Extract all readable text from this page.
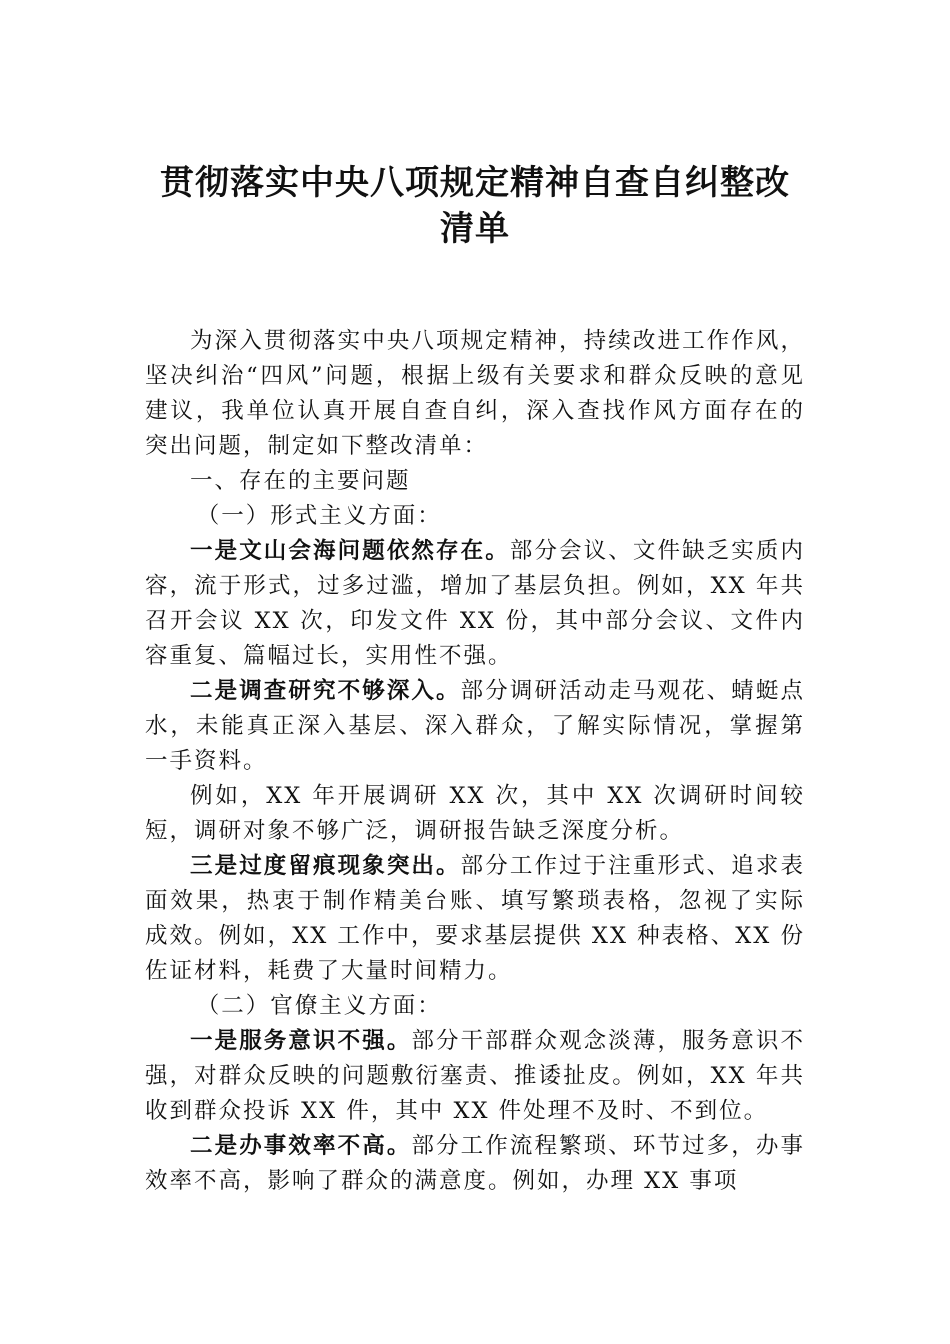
贯彻落实中央八项规定精神自查自纠整改
清单

为深入贯彻落实中央八项规定精神，持续改进工作作风，坚决纠治“四风”问题，根据上级有关要求和群众反映的意见建议，我单位认真开展自查自纠，深入查找作风方面存在的突出问题，制定如下整改清单：

一、存在的主要问题

（一）形式主义方面：

一是文山会海问题依然存在。部分会议、文件缺乏实质内容，流于形式，过多过滥，增加了基层负担。例如，XX 年共召开会议 XX 次，印发文件 XX 份，其中部分会议、文件内容重复、篇幅过长，实用性不强。

二是调查研究不够深入。部分调研活动走马观花、蜻蜓点水，未能真正深入基层、深入群众，了解实际情况，掌握第一手资料。

例如，XX 年开展调研 XX 次，其中 XX 次调研时间较短，调研对象不够广泛，调研报告缺乏深度分析。

三是过度留痕现象突出。部分工作过于注重形式、追求表面效果，热衷于制作精美台账、填写繁琐表格，忽视了实际成效。例如，XX 工作中，要求基层提供 XX 种表格、XX 份佐证材料，耗费了大量时间精力。

（二）官僚主义方面：

一是服务意识不强。部分干部群众观念淡薄，服务意识不强，对群众反映的问题敷衍塞责、推诿扯皮。例如，XX 年共收到群众投诉 XX 件，其中 XX 件处理不及时、不到位。

二是办事效率不高。部分工作流程繁琐、环节过多，办事效率不高，影响了群众的满意度。例如，办理 XX 事项
